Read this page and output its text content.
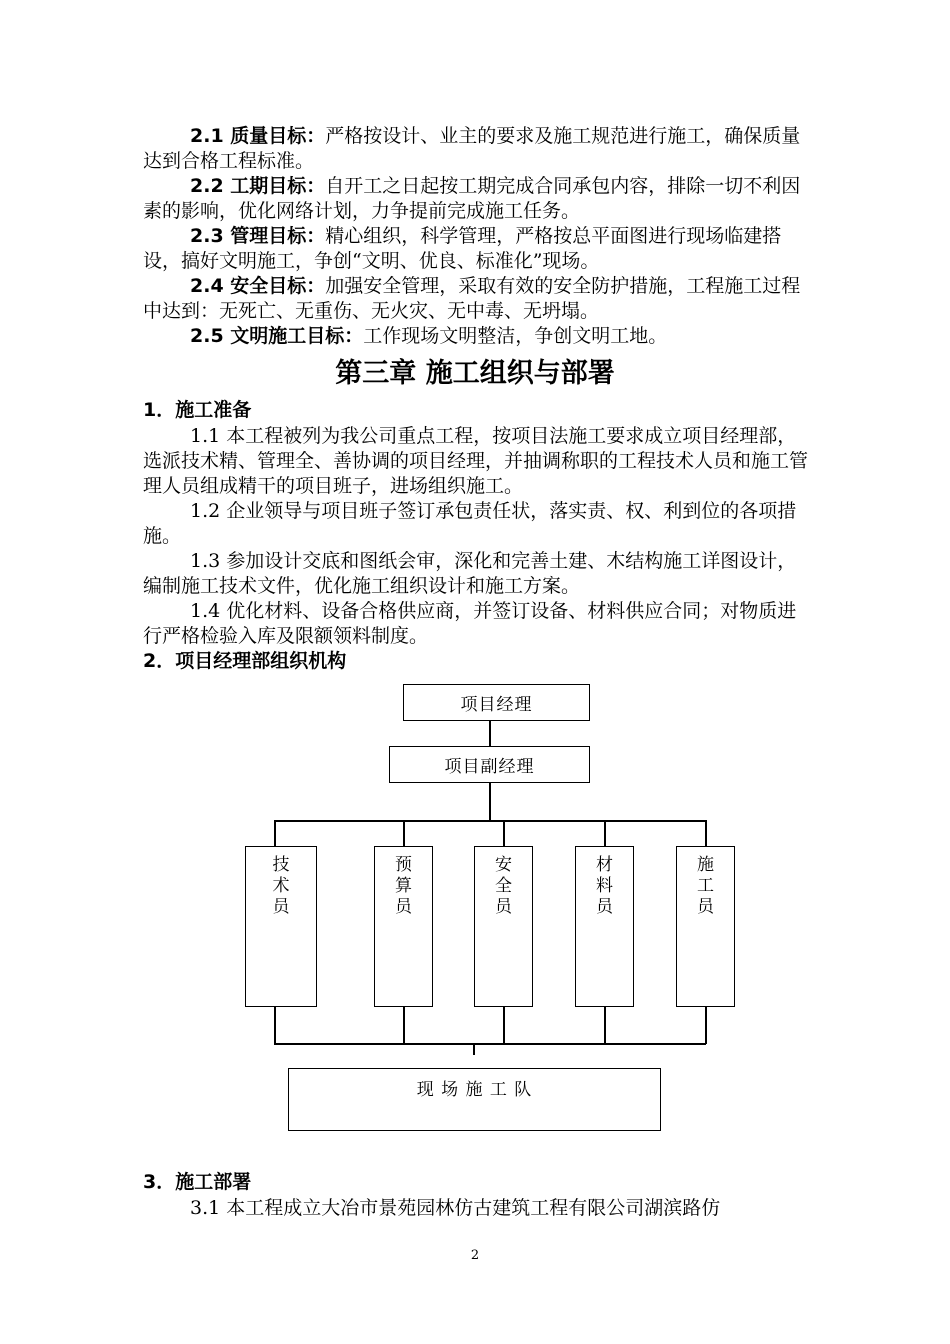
2.1 质量目标：严格按设计、业主的要求及施工规范进行施工，确保质量达到合格工程标准。

2.2 工期目标：自开工之日起按工期完成合同承包内容，排除一切不利因素的影响，优化网络计划，力争提前完成施工任务。

2.3 管理目标：精心组织，科学管理，严格按总平面图进行现场临建搭设，搞好文明施工，争创“文明、优良、标准化”现场。

2.4 安全目标：加强安全管理，采取有效的安全防护措施，工程施工过程中达到：无死亡、无重伤、无火灾、无中毒、无坍塌。

2.5 文明施工目标：工作现场文明整洁，争创文明工地。

第三章 施工组织与部署
1．施工准备

1.1 本工程被列为我公司重点工程，按项目法施工要求成立项目经理部，选派技术精、管理全、善协调的项目经理，并抽调称职的工程技术人员和施工管理人员组成精干的项目班子，进场组织施工。

1.2 企业领导与项目班子签订承包责任状，落实责、权、利到位的各项措施。

1.3 参加设计交底和图纸会审，深化和完善土建、木结构施工详图设计，编制施工技术文件，优化施工组织设计和施工方案。

1.4 优化材料、设备合格供应商，并签订设备、材料供应合同；对物质进行严格检验入库及限额领料制度。

2．项目经理部组织机构
项目经理
项目副经理
技
术
员
预
算
员
安
全
员
材
料
员
施
工
员
现 场 施 工 队
3．施工部署

3.1 本工程成立大冶市景苑园林仿古建筑工程有限公司湖滨路仿

2
